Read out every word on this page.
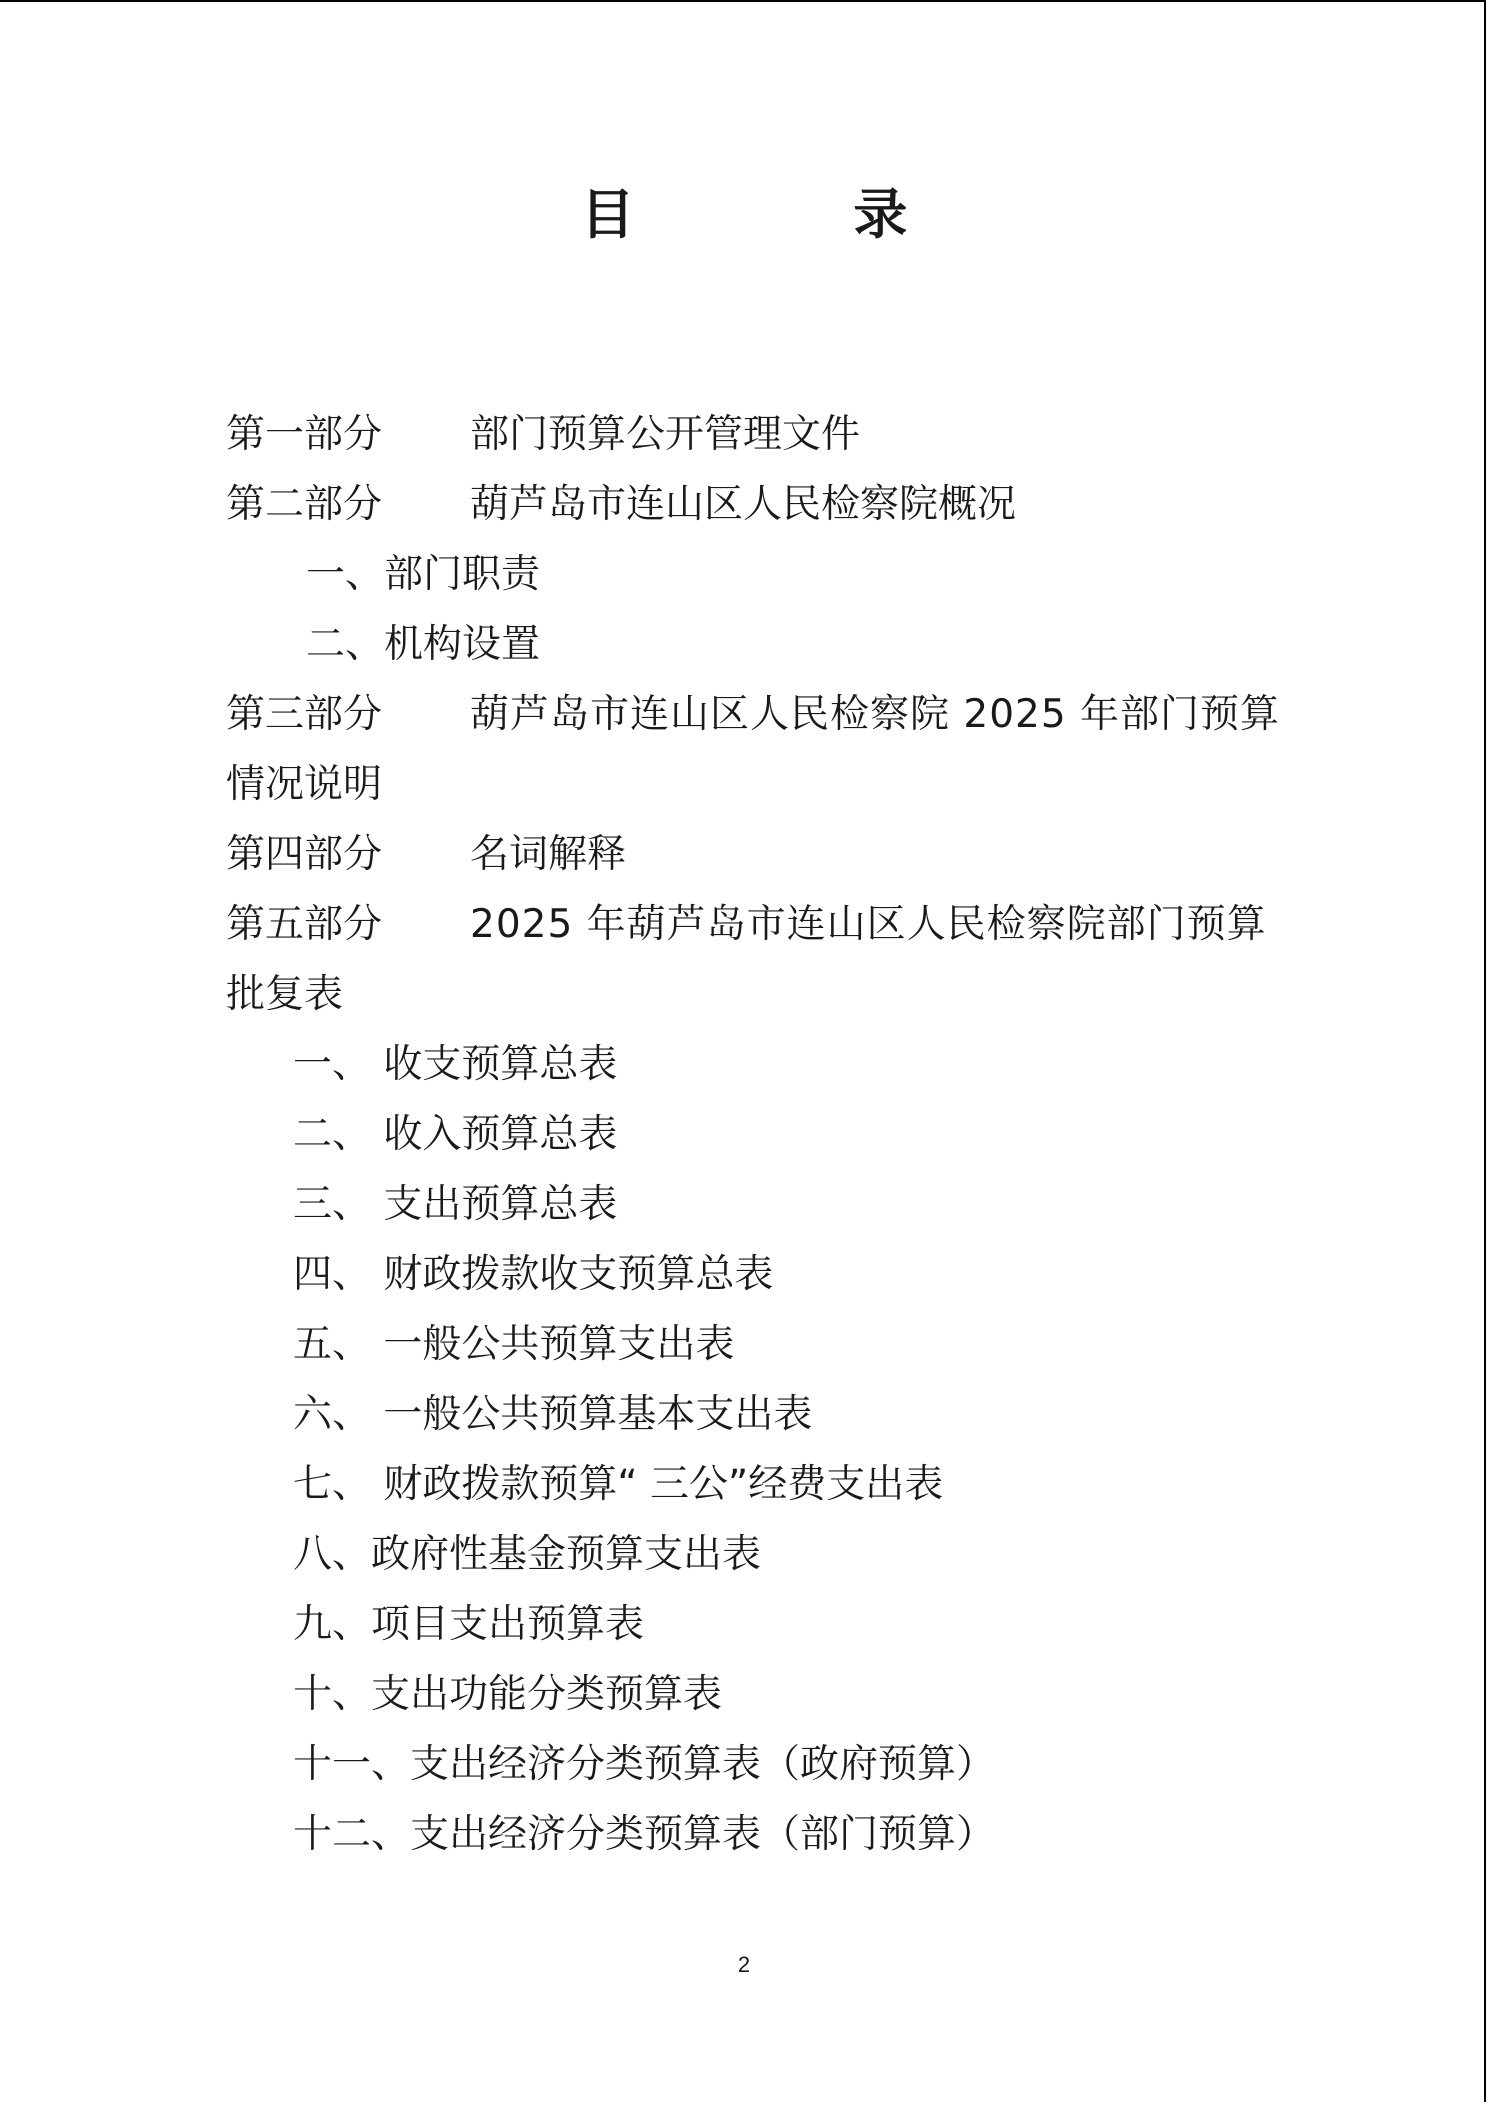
目 录
第一部分 部门预算公开管理文件
第二部分 葫芦岛市连山区人民检察院概况
一、部门职责
二、机构设置
第三部分 葫芦岛市连山区人民检察院 2025 年部门预算
情况说明
第四部分 名词解释
第五部分 2025 年葫芦岛市连山区人民检察院部门预算
批复表
一、 收支预算总表
二、 收入预算总表
三、 支出预算总表
四、 财政拨款收支预算总表
五、 一般公共预算支出表
六、 一般公共预算基本支出表
七、 财政拨款预算“ 三公”经费支出表
八、政府性基金预算支出表
九、项目支出预算表
十、支出功能分类预算表
十一、支出经济分类预算表（政府预算）
十二、支出经济分类预算表（部门预算）
2
